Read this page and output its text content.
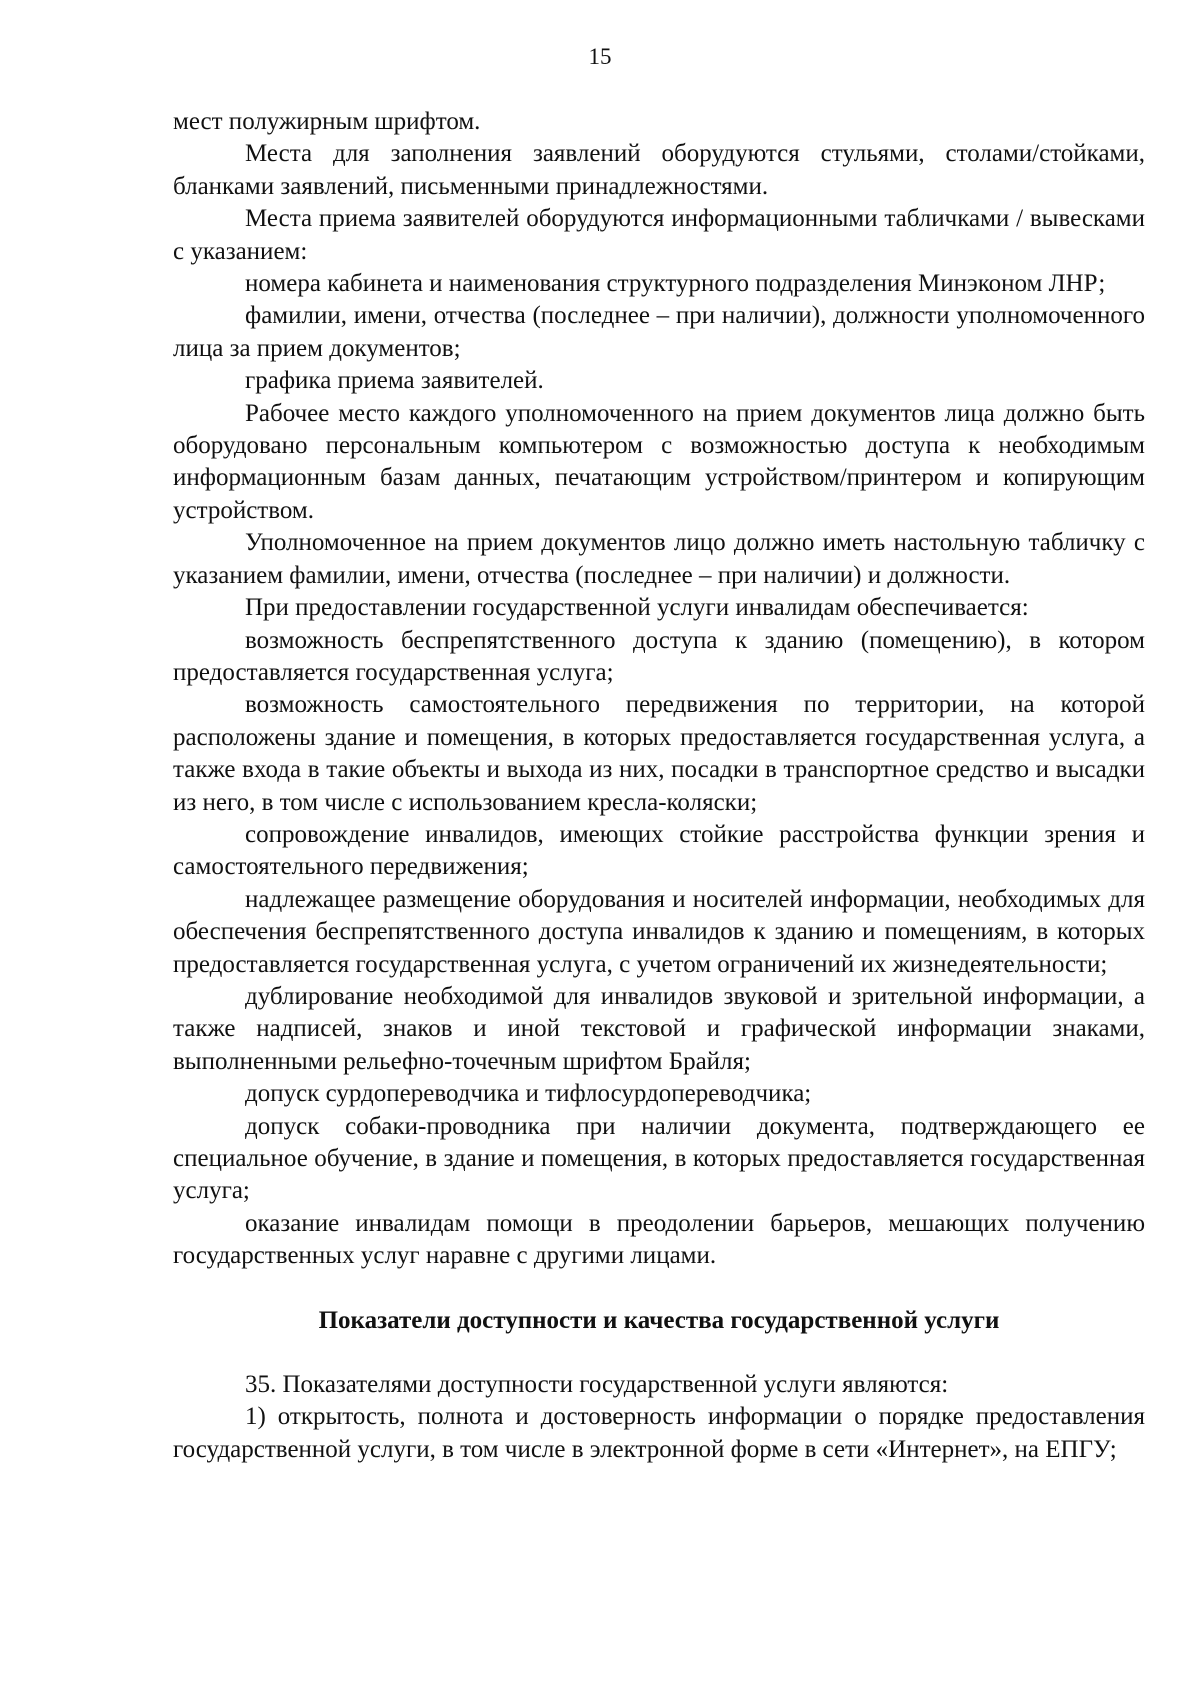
15

мест полужирным шрифтом.

Места для заполнения заявлений оборудуются стульями, столами/стойками, бланками заявлений, письменными принадлежностями.

Места приема заявителей оборудуются информационными табличками / вывесками с указанием:

номера кабинета и наименования структурного подразделения Минэконом ЛНР;

фамилии, имени, отчества (последнее – при наличии), должности уполномоченного лица за прием документов;

графика приема заявителей.

Рабочее место каждого уполномоченного на прием документов лица должно быть оборудовано персональным компьютером с возможностью доступа к необходимым информационным базам данных, печатающим устройством/принтером и копирующим устройством.

Уполномоченное на прием документов лицо должно иметь настольную табличку с указанием фамилии, имени, отчества (последнее – при наличии) и должности.

При предоставлении государственной услуги инвалидам обеспечивается:

возможность беспрепятственного доступа к зданию (помещению), в котором предоставляется государственная услуга;

возможность самостоятельного передвижения по территории, на которой расположены здание и помещения, в которых предоставляется государственная услуга, а также входа в такие объекты и выхода из них, посадки в транспортное средство и высадки из него, в том числе с использованием кресла-коляски;

сопровождение инвалидов, имеющих стойкие расстройства функции зрения и самостоятельного передвижения;

надлежащее размещение оборудования и носителей информации, необходимых для обеспечения беспрепятственного доступа инвалидов к зданию и помещениям, в которых предоставляется государственная услуга, с учетом ограничений их жизнедеятельности;

дублирование необходимой для инвалидов звуковой и зрительной информации, а также надписей, знаков и иной текстовой и графической информации знаками, выполненными рельефно-точечным шрифтом Брайля;

допуск сурдопереводчика и тифлосурдопереводчика;

допуск собаки-проводника при наличии документа, подтверждающего ее специальное обучение, в здание и помещения, в которых предоставляется государственная услуга;

оказание инвалидам помощи в преодолении барьеров, мешающих получению государственных услуг наравне с другими лицами.

Показатели доступности и качества государственной услуги

35. Показателями доступности государственной услуги являются:

1) открытость, полнота и достоверность информации о порядке предоставления государственной услуги, в том числе в электронной форме в сети «Интернет», на ЕПГУ;
